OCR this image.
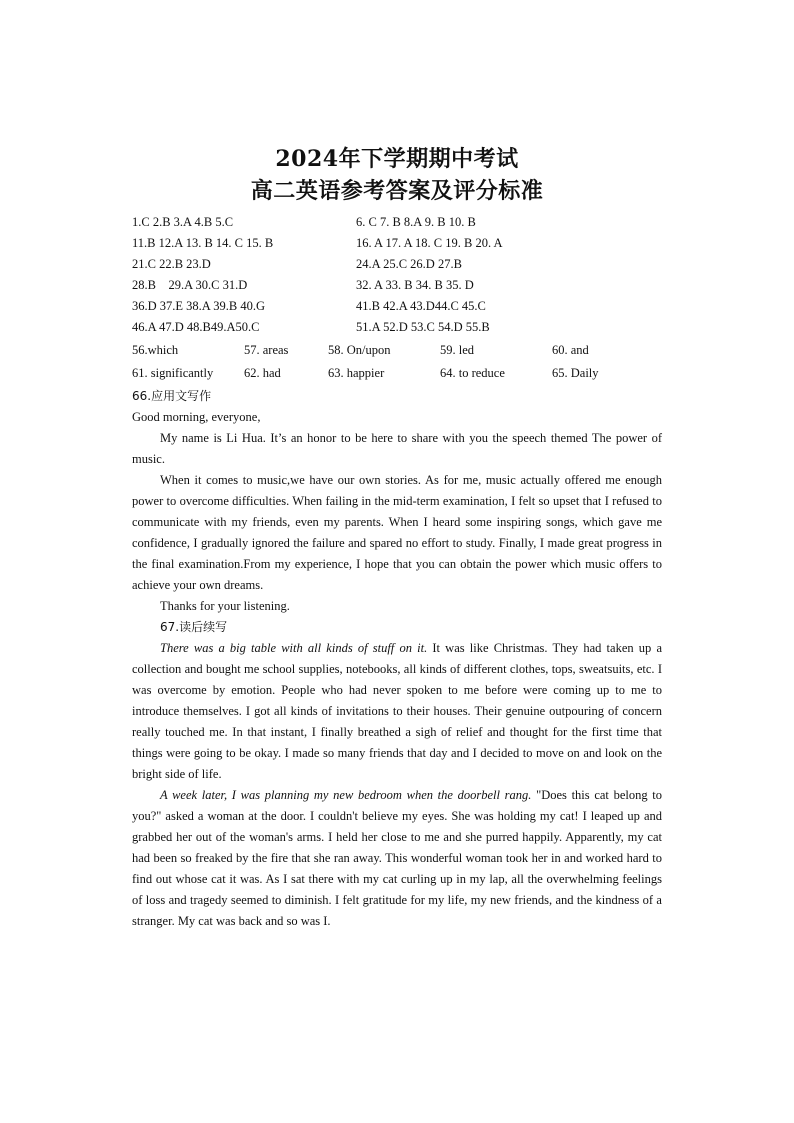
2024年下学期期中考试
高二英语参考答案及评分标准
1.C 2.B 3.A 4.B 5.C	6. C 7. B 8.A 9. B 10. B
11.B 12.A 13. B 14. C 15. B	16. A 17. A 18. C 19. B 20. A
21.C 22.B 23.D	24.A 25.C 26.D 27.B
28.B    29.A 30.C 31.D	32. A 33. B 34. B 35. D
36.D 37.E 38.A 39.B 40.G	41.B 42.A 43.D44.C 45.C
46.A 47.D 48.B49.A50.C	51.A 52.D 53.C 54.D 55.B
56.which	57. areas	58. On/upon	59. led	60. and
61. significantly 62. had	63. happier	64. to reduce	65. Daily

66.应用文写作

Good morning, everyone,

My name is Li Hua. It’s an honor to be here to share with you the speech themed The power of music.

When it comes to music,we have our own stories. As for me, music actually offered me enough power to overcome difficulties. When failing in the mid-term examination, I felt so upset that I refused to communicate with my friends, even my parents. When I heard some inspiring songs, which gave me confidence, I gradually ignored the failure and spared no effort to study. Finally, I made great progress in the final examination.From my experience, I hope that you can obtain the power which music offers to achieve your own dreams.

Thanks for your listening.

67.读后续写

There was a big table with all kinds of stuff on it. It was like Christmas. They had taken up a collection and bought me school supplies, notebooks, all kinds of different clothes, tops, sweatsuits, etc. I was overcome by emotion. People who had never spoken to me before were coming up to me to introduce themselves. I got all kinds of invitations to their houses. Their genuine outpouring of concern really touched me. In that instant, I finally breathed a sigh of relief and thought for the first time that things were going to be okay. I made so many friends that day and I decided to move on and look on the bright side of life.

A week later, I was planning my new bedroom when the doorbell rang. "Does this cat belong to you?" asked a woman at the door. I couldn't believe my eyes. She was holding my cat! I leaped up and grabbed her out of the woman's arms. I held her close to me and she purred happily. Apparently, my cat had been so freaked by the fire that she ran away. This wonderful woman took her in and worked hard to find out whose cat it was. As I sat there with my cat curling up in my lap, all the overwhelming feelings of loss and tragedy seemed to diminish. I felt gratitude for my life, my new friends, and the kindness of a stranger. My cat was back and so was I.
